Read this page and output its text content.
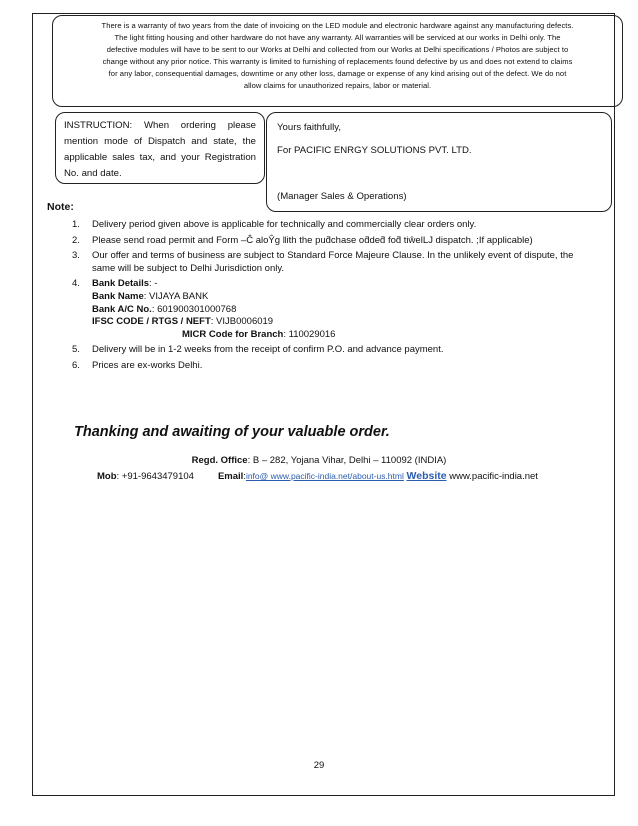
There is a warranty of two years from the date of invoicing on the LED module and electronic hardware against any manufacturing defects.
The light fitting housing and other hardware do not have any warranty. All warranties will be serviced at our works in Delhi only. The
defective modules will have to be sent to our Works at Delhi and collected from our Works at Delhi specifications / Photos are subject to
change without any prior notice. This warranty is limited to furnishing of replacements found defective by us and does not extend to claims
for any labor, consequential damages, downtime or any other loss, damage or expense of any kind arising out of the defect. We do not
allow claims for unauthorized repairs, labor or material.
INSTRUCTION: When ordering please mention mode of Dispatch and state, the applicable sales tax, and your Registration No. and date.
Yours faithfully,
For PACIFIC ENRGY SOLUTIONS PVT. LTD.
(Manager Sales & Operations)
Note:
1. Delivery period given above is applicable for technically and commercially clear orders only.
2. Please send road permit and Form –Ĉ aloŶg ǁith the puƌchase oƌdeƌ foƌ tiŵelǇ dispatch. ;If applicable)
3. Our offer and terms of business are subject to Standard Force Majeure Clause. In the unlikely event of dispute, the same will be subject to Delhi Jurisdiction only.
4. Bank Details: -
Bank Name: VIJAYA BANK
Bank A/C No.: 601900301000768
IFSC CODE / RTGS / NEFT: VIJB0006019
MICR Code for Branch: 110029016
5. Delivery will be in 1-2 weeks from the receipt of confirm P.O. and advance payment.
6. Prices are ex-works Delhi.
Thanking and awaiting of your valuable order.
Regd. Office: B – 282, Yojana Vihar, Delhi – 110092 (INDIA)
Mob: +91-9643479104	Email:info@ www.pacific-india.net/about-us.html Website www.pacific-india.net
29
